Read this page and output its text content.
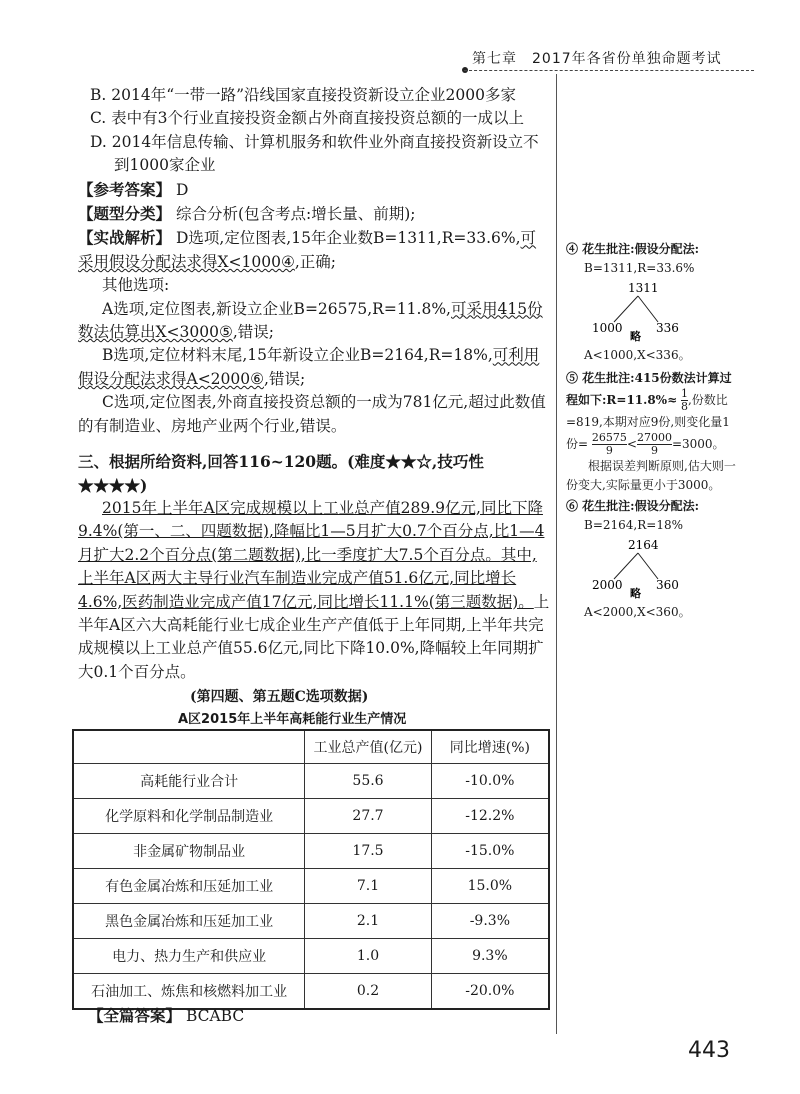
第七章　2017年各省份单独命题考试

B. 2014年“一带一路”沿线国家直接投资新设立企业2000多家

C. 表中有3个行业直接投资金额占外商直接投资总额的一成以上

D. 2014年信息传输、计算机服务和软件业外商直接投资新设立不到1000家企业

【参考答案】 D

【题型分类】 综合分析(包含考点:增长量、前期);

【实战解析】 D选项,定位图表,15年企业数B=1311,R=33.6%,可采用假设分配法求得X<1000④,正确;

其他选项:

A选项,定位图表,新设立企业B=26575,R=11.8%,可采用415份数法估算出X<3000⑤,错误;

B选项,定位材料末尾,15年新设立企业B=2164,R=18%,可利用假设分配法求得A<2000⑥,错误;

C选项,定位图表,外商直接投资总额的一成为781亿元,超过此数值的有制造业、房地产业两个行业,错误。

三、根据所给资料,回答116~120题。(难度★★☆,技巧性★★★★)

2015年上半年A区完成规模以上工业总产值289.9亿元,同比下降9.4%(第一、二、四题数据),降幅比1—5月扩大0.7个百分点,比1—4月扩大2.2个百分点(第二题数据),比一季度扩大7.5个百分点。其中,上半年A区两大主导行业汽车制造业完成产值51.6亿元,同比增长4.6%,医药制造业完成产值17亿元,同比增长11.1%(第三题数据)。上半年A区六大高耗能行业七成企业生产产值低于上年同期,上半年共完成规模以上工业总产值55.6亿元,同比下降10.0%,降幅较上年同期扩大0.1个百分点。

(第四题、第五题C选项数据)
A区2015年上半年高耗能行业生产情况
	工业总产值(亿元)	同比增速(%)
高耗能行业合计	55.6	-10.0%
化学原料和化学制品制造业	27.7	-12.2%
非金属矿物制品业	17.5	-15.0%
有色金属冶炼和压延加工业	7.1	15.0%
黑色金属冶炼和压延加工业	2.1	-9.3%
电力、热力生产和供应业	1.0	9.3%
石油加工、炼焦和核燃料加工业	0.2	-20.0%
【全篇答案】 BCABC

④ 花生批注:假设分配法:

B=1311,R=33.6%

1311
1000	336
略

A<1000,X<336。

⑤ 花生批注:415份数法计算过程如下:R=11.8%≈ $\frac{1}{8}$ ,份数比=819,本期对应9份,则变化量1份= $\frac{26575}{9} < \frac{27000}{9} =3000$。

根据误差判断原则,估大则一份变大,实际量更小于3000。

⑥ 花生批注:假设分配法:

B=2164,R=18%

2164
2000	360
略

A<2000,X<360。

443
